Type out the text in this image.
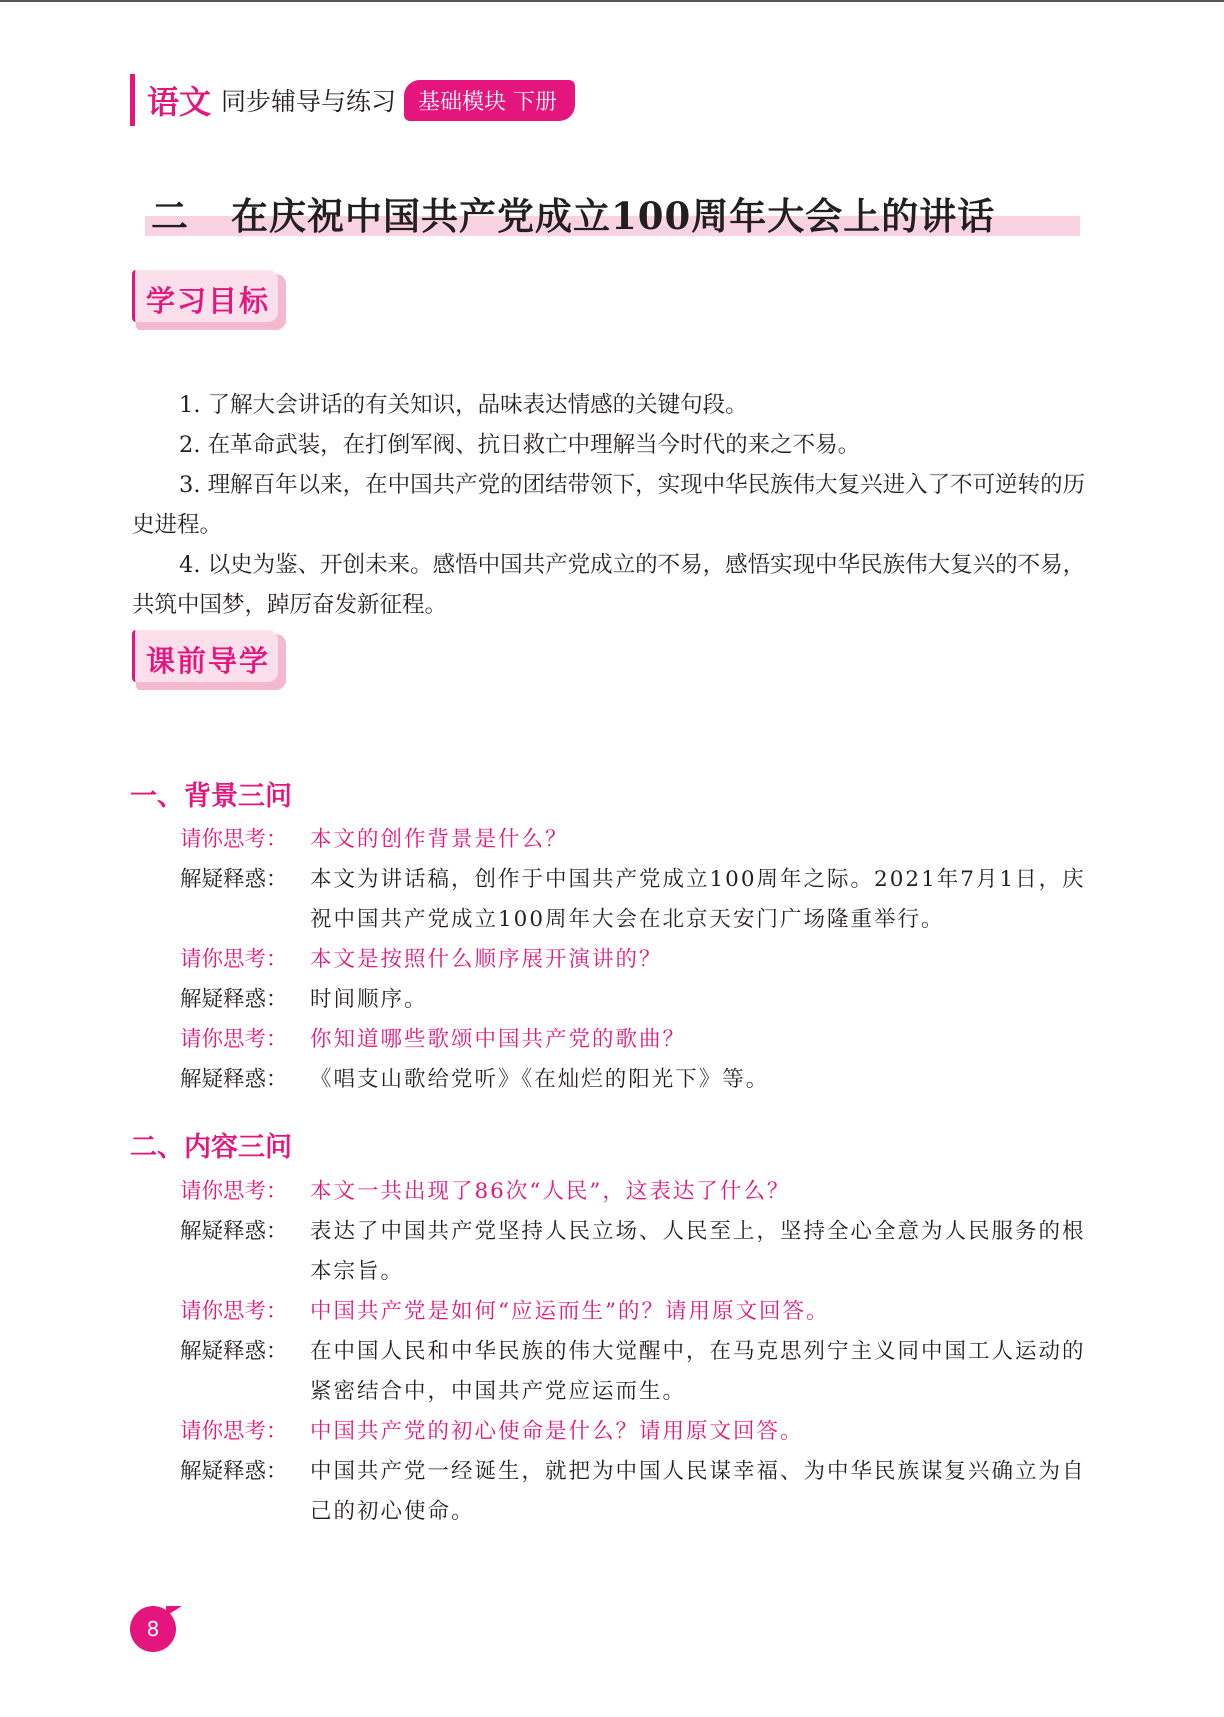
语文 同步辅导与练习	基础模块 下册
二 在庆祝中国共产党成立100周年大会上的讲话
学习目标

1. 了解大会讲话的有关知识，品味表达情感的关键句段。

2. 在革命武装，在打倒军阀、抗日救亡中理解当今时代的来之不易。

3. 理解百年以来，在中国共产党的团结带领下，实现中华民族伟大复兴进入了不可逆转的历史进程。

4. 以史为鉴、开创未来。感悟中国共产党成立的不易，感悟实现中华民族伟大复兴的不易，共筑中国梦，踔厉奋发新征程。

课前导学
一、背景三问
请你思考：	本文的创作背景是什么？
解疑释惑：	本文为讲话稿，创作于中国共产党成立100周年之际。2021年7月1日，庆祝中国共产党成立100周年大会在北京天安门广场隆重举行。
请你思考：	本文是按照什么顺序展开演讲的？
解疑释惑：	时间顺序。
请你思考：	你知道哪些歌颂中国共产党的歌曲？
解疑释惑：	《唱支山歌给党听》《在灿烂的阳光下》等。
二、内容三问
请你思考：	本文一共出现了86次“人民”，这表达了什么？
解疑释惑：	表达了中国共产党坚持人民立场、人民至上，坚持全心全意为人民服务的根本宗旨。
请你思考：	中国共产党是如何“应运而生”的？请用原文回答。
解疑释惑：	在中国人民和中华民族的伟大觉醒中，在马克思列宁主义同中国工人运动的紧密结合中，中国共产党应运而生。
请你思考：	中国共产党的初心使命是什么？请用原文回答。
解疑释惑：	中国共产党一经诞生，就把为中国人民谋幸福、为中华民族谋复兴确立为自己的初心使命。
8
